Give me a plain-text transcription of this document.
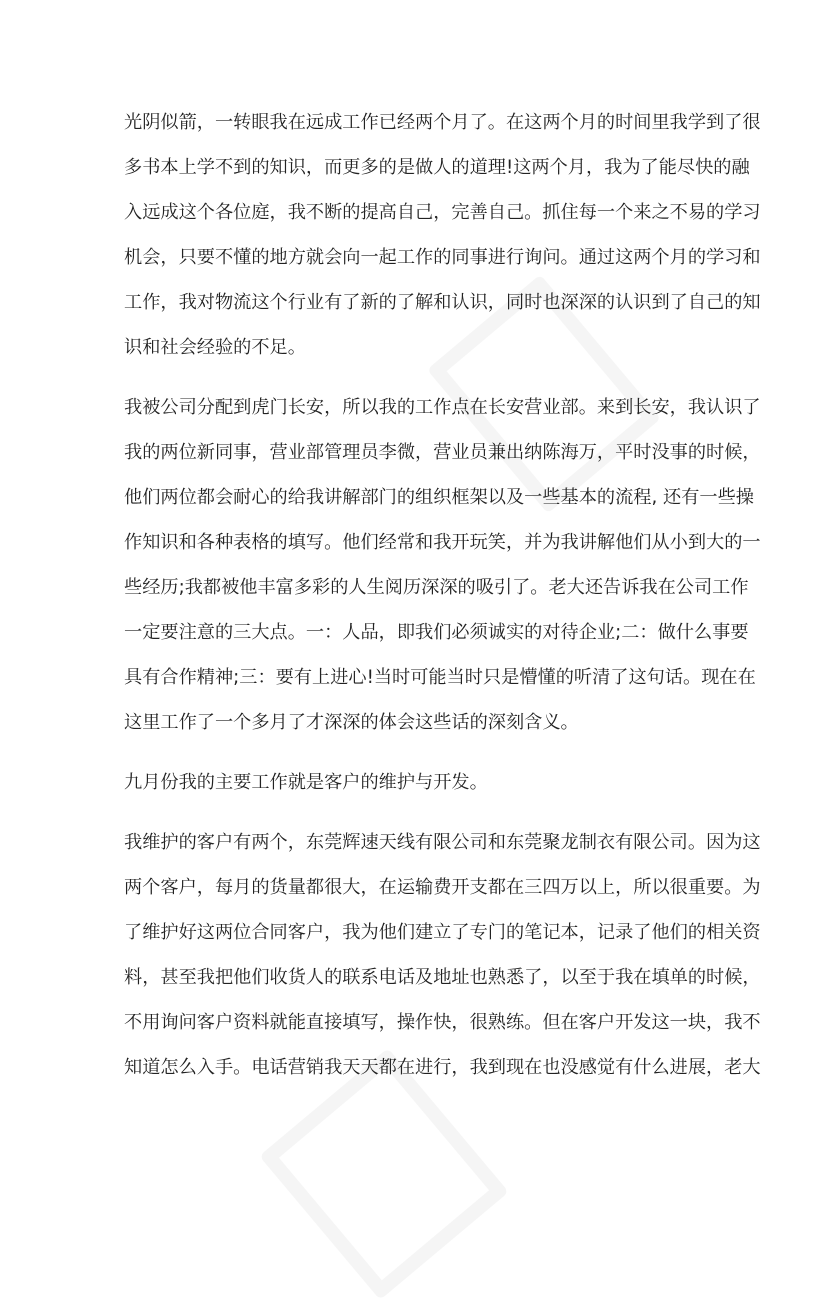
光阴似箭，一转眼我在远成工作已经两个月了。在这两个月的时间里我学到了很
多书本上学不到的知识，而更多的是做人的道理!这两个月，我为了能尽快的融
入远成这个各位庭，我不断的提高自己，完善自己。抓住每一个来之不易的学习
机会，只要不懂的地方就会向一起工作的同事进行询问。通过这两个月的学习和
工作，我对物流这个行业有了新的了解和认识，同时也深深的认识到了自己的知
识和社会经验的不足。
我被公司分配到虎门长安，所以我的工作点在长安营业部。来到长安，我认识了
我的两位新同事，营业部管理员李微，营业员兼出纳陈海万，平时没事的时候，
他们两位都会耐心的给我讲解部门的组织框架以及一些基本的流程, 还有一些操
作知识和各种表格的填写。他们经常和我开玩笑，并为我讲解他们从小到大的一
些经历;我都被他丰富多彩的人生阅历深深的吸引了。老大还告诉我在公司工作
一定要注意的三大点。一：人品，即我们必须诚实的对待企业;二：做什么事要
具有合作精神;三：要有上进心!当时可能当时只是懵懂的听清了这句话。现在在
这里工作了一个多月了才深深的体会这些话的深刻含义。
九月份我的主要工作就是客户的维护与开发。
我维护的客户有两个，东莞辉速天线有限公司和东莞聚龙制衣有限公司。因为这
两个客户，每月的货量都很大，在运输费开支都在三四万以上，所以很重要。为
了维护好这两位合同客户，我为他们建立了专门的笔记本，记录了他们的相关资
料，甚至我把他们收货人的联系电话及地址也熟悉了，以至于我在填单的时候，
不用询问客户资料就能直接填写，操作快，很熟练。但在客户开发这一块，我不
知道怎么入手。电话营销我天天都在进行，我到现在也没感觉有什么进展，老大
